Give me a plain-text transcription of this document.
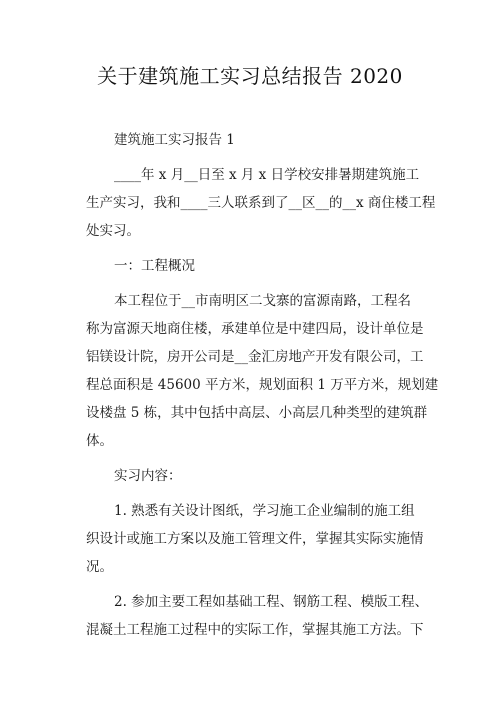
关于建筑施工实习总结报告 2020
建筑施工实习报告 1
____年 x 月__日至 x 月 x 日学校安排暑期建筑施工
生产实习，我和____三人联系到了__区__的__x 商住楼工程
处实习。
一：工程概况
本工程位于__市南明区二戈寨的富源南路，工程名
称为富源天地商住楼，承建单位是中建四局，设计单位是
铝镁设计院，房开公司是__金汇房地产开发有限公司，工
程总面积是 45600 平方米，规划面积 1 万平方米，规划建
设楼盘 5 栋，其中包括中高层、小高层几种类型的建筑群
体。
实习内容：
1. 熟悉有关设计图纸，学习施工企业编制的施工组
织设计或施工方案以及施工管理文件，掌握其实际实施情
况。
2. 参加主要工程如基础工程、钢筋工程、模版工程、
混凝土工程施工过程中的实际工作，掌握其施工方法。下
